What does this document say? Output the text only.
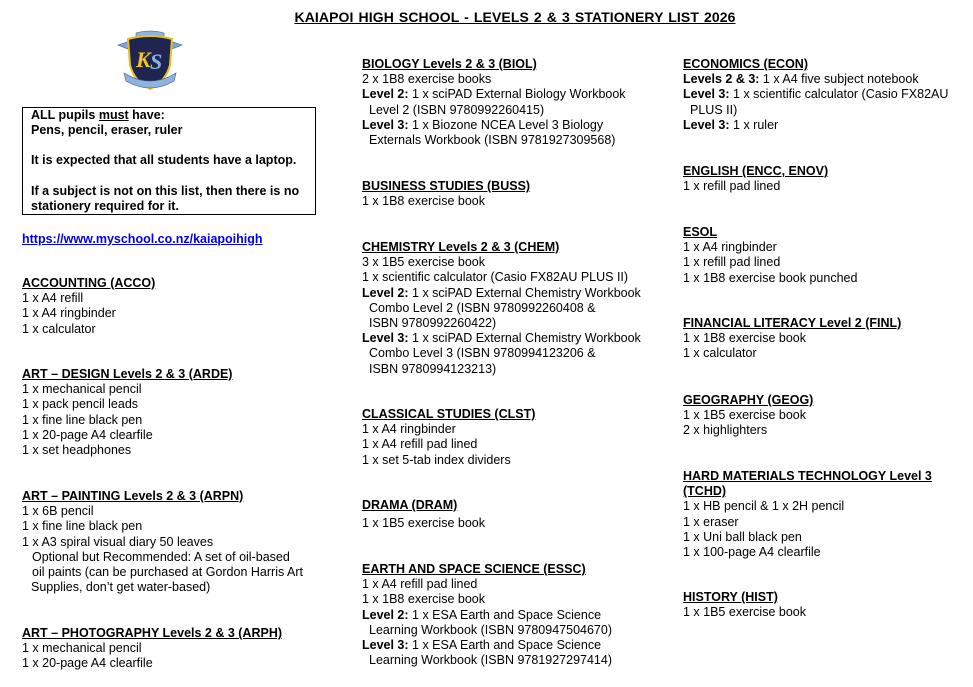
KAIAPOI HIGH SCHOOL - LEVELS 2 & 3 STATIONERY LIST 2026
K S

ALL pupils must have:

Pens, pencil, eraser, ruler

It is expected that all students have a laptop.

If a subject is not on this list, then there is no

stationery required for it.

https://www.myschool.co.nz/kaiapoihigh
ACCOUNTING (ACCO)
1 x A4 refill
1 x A4 ringbinder
1 x calculator
ART – DESIGN Levels 2 & 3 (ARDE)
1 x mechanical pencil
1 x pack pencil leads
1 x fine line black pen
1 x 20-page A4 clearfile
1 x set headphones
ART – PAINTING Levels 2 & 3 (ARPN)
1 x 6B pencil
1 x fine line black pen
1 x A3 spiral visual diary 50 leaves
Optional but Recommended: A set of oil-based
oil paints (can be purchased at Gordon Harris Art
Supplies, don’t get water-based)
ART – PHOTOGRAPHY Levels 2 & 3 (ARPH)
1 x mechanical pencil
1 x 20-page A4 clearfile
BIOLOGY Levels 2 & 3 (BIOL)
2 x 1B8 exercise books
Level 2: 1 x sciPAD External Biology Workbook
Level 2 (ISBN 9780992260415)
Level 3: 1 x Biozone NCEA Level 3 Biology
Externals Workbook (ISBN 9781927309568)
BUSINESS STUDIES (BUSS)
1 x 1B8 exercise book
CHEMISTRY Levels 2 & 3 (CHEM)
3 x 1B5 exercise book
1 x scientific calculator (Casio FX82AU PLUS II)
Level 2: 1 x sciPAD External Chemistry Workbook
Combo Level 2 (ISBN 9780992260408 &
ISBN 9780992260422)
Level 3: 1 x sciPAD External Chemistry Workbook
Combo Level 3 (ISBN 9780994123206 &
ISBN 9780994123213)
CLASSICAL STUDIES (CLST)
1 x A4 ringbinder
1 x A4 refill pad lined
1 x set 5-tab index dividers
DRAMA (DRAM)
1 x 1B5 exercise book
EARTH AND SPACE SCIENCE (ESSC)
1 x A4 refill pad lined
1 x 1B8 exercise book
Level 2: 1 x ESA Earth and Space Science
Learning Workbook (ISBN 9780947504670)
Level 3: 1 x ESA Earth and Space Science
Learning Workbook (ISBN 9781927297414)
ECONOMICS (ECON)
Levels 2 & 3: 1 x A4 five subject notebook
Level 3: 1 x scientific calculator (Casio FX82AU
PLUS II)
Level 3: 1 x ruler
ENGLISH (ENCC, ENOV)
1 x refill pad lined
ESOL
1 x A4 ringbinder
1 x refill pad lined
1 x 1B8 exercise book punched
FINANCIAL LITERACY Level 2 (FINL)
1 x 1B8 exercise book
1 x calculator
GEOGRAPHY (GEOG)
1 x 1B5 exercise book
2 x highlighters
HARD MATERIALS TECHNOLOGY Level 3
(TCHD)
1 x HB pencil & 1 x 2H pencil
1 x eraser
1 x Uni ball black pen
1 x 100-page A4 clearfile
HISTORY (HIST)
1 x 1B5 exercise book
